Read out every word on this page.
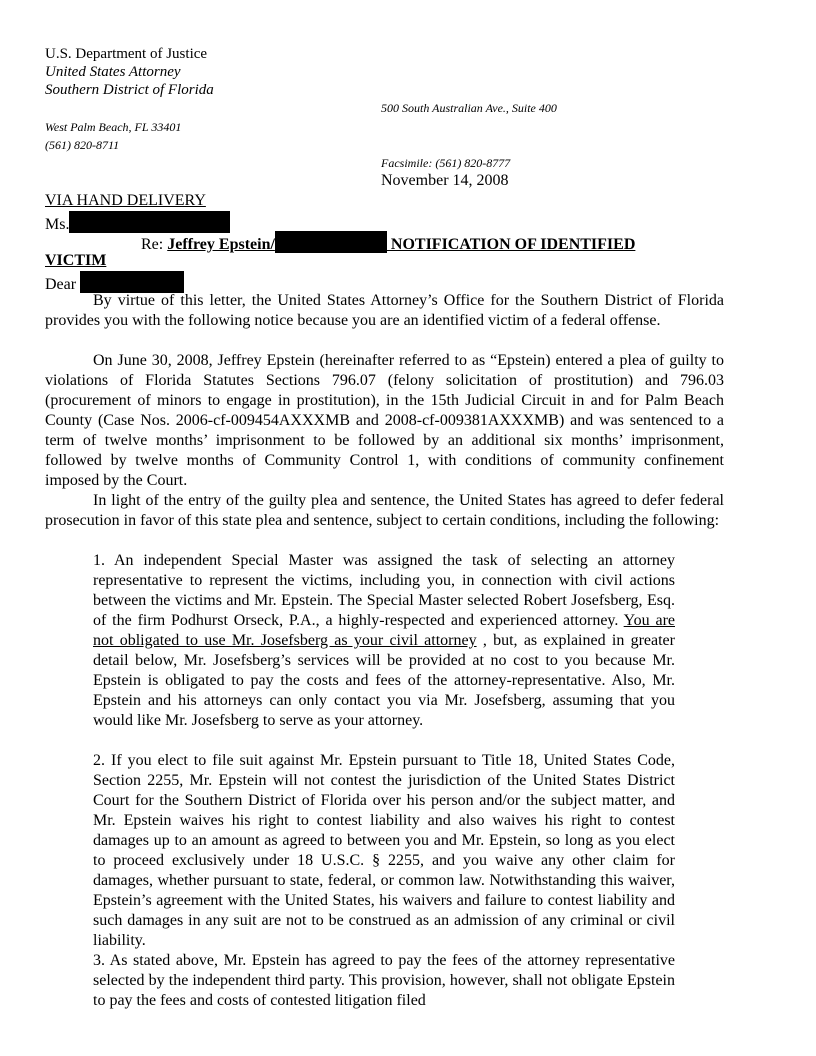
U.S. Department of Justice
United States Attorney
Southern District of Florida
500 South Australian Ave., Suite 400
West Palm Beach, FL 33401
(561) 820-8711
Facsimile: (561) 820-8777
November 14, 2008
VIA HAND DELIVERY
Ms.
Re: Jeffrey Epstein/	NOTIFICATION OF IDENTIFIED
VICTIM
Dear

By virtue of this letter, the United States Attorney’s Office for the Southern District of Florida provides you with the following notice because you are an identified victim of a federal offense.

On June 30, 2008, Jeffrey Epstein (hereinafter referred to as “Epstein) entered a plea of guilty to violations of Florida Statutes Sections 796.07 (felony solicitation of prostitution) and 796.03 (procurement of minors to engage in prostitution), in the 15th Judicial Circuit in and for Palm Beach County (Case Nos. 2006-cf-009454AXXXMB and 2008-cf-009381AXXXMB) and was sentenced to a term of twelve months’ imprisonment to be followed by an additional six months’ imprisonment, followed by twelve months of Community Control 1, with conditions of community confinement imposed by the Court.

In light of the entry of the guilty plea and sentence, the United States has agreed to defer federal prosecution in favor of this state plea and sentence, subject to certain conditions, including the following:

1. An independent Special Master was assigned the task of selecting an attorney representative to represent the victims, including you, in connection with civil actions between the victims and Mr. Epstein. The Special Master selected Robert Josefsberg, Esq. of the firm Podhurst Orseck, P.A., a highly-respected and experienced attorney. You are not obligated to use Mr. Josefsberg as your civil attorney , but, as explained in greater detail below, Mr. Josefsberg’s services will be provided at no cost to you because Mr. Epstein is obligated to pay the costs and fees of the attorney-representative. Also, Mr. Epstein and his attorneys can only contact you via Mr. Josefsberg, assuming that you would like Mr. Josefsberg to serve as your attorney.

2. If you elect to file suit against Mr. Epstein pursuant to Title 18, United States Code, Section 2255, Mr. Epstein will not contest the jurisdiction of the United States District Court for the Southern District of Florida over his person and/or the subject matter, and Mr. Epstein waives his right to contest liability and also waives his right to contest damages up to an amount as agreed to between you and Mr. Epstein, so long as you elect to proceed exclusively under 18 U.S.C. § 2255, and you waive any other claim for damages, whether pursuant to state, federal, or common law. Notwithstanding this waiver, Epstein’s agreement with the United States, his waivers and failure to contest liability and such damages in any suit are not to be construed as an admission of any criminal or civil liability.

3. As stated above, Mr. Epstein has agreed to pay the fees of the attorney representative selected by the independent third party. This provision, however, shall not obligate Epstein to pay the fees and costs of contested litigation filed
